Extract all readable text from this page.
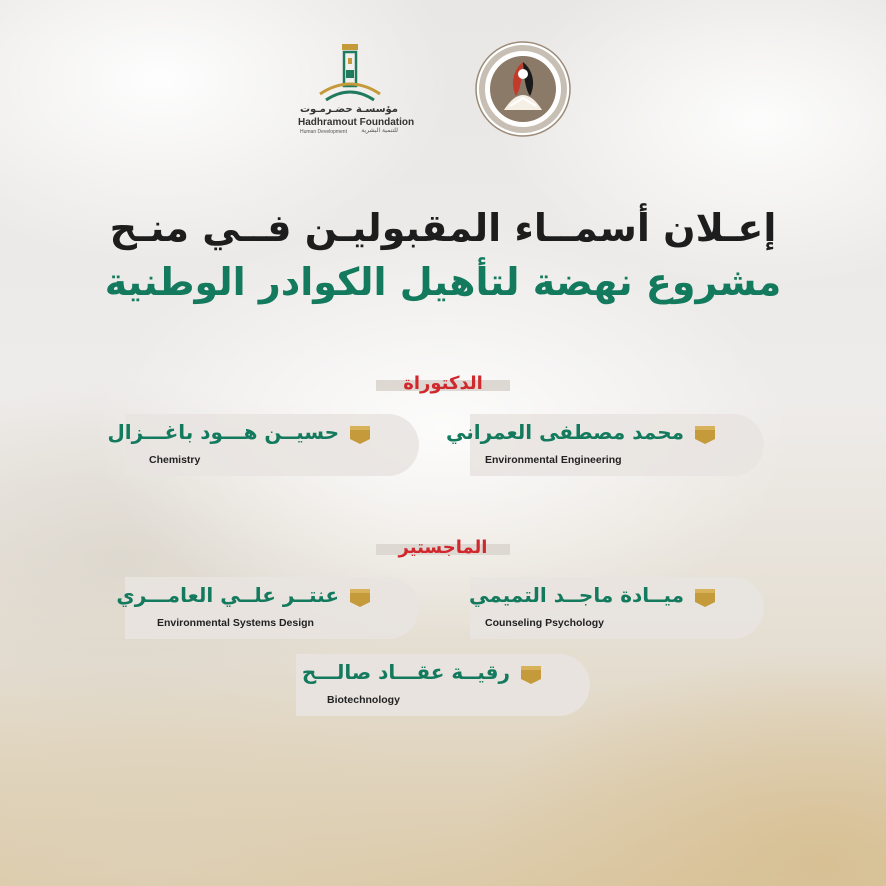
مؤسسـة حضـرمـوت
Hadhramout Foundation
Human Development للتنمية البشرية
إعـلان أسمــاء المقبوليـن فــي منـح
مشروع نهضة لتأهيل الكوادر الوطنية
الدكتوراة
محمد مصطفى العمراني
Environmental Engineering
حسيــن هـــود باغـــزال
Chemistry
الماجستير
ميــادة ماجــد التميمي
Counseling Psychology
عنتــر علــي العامـــري
Environmental Systems Design
رقيــة عقـــاد صالـــح
Biotechnology
